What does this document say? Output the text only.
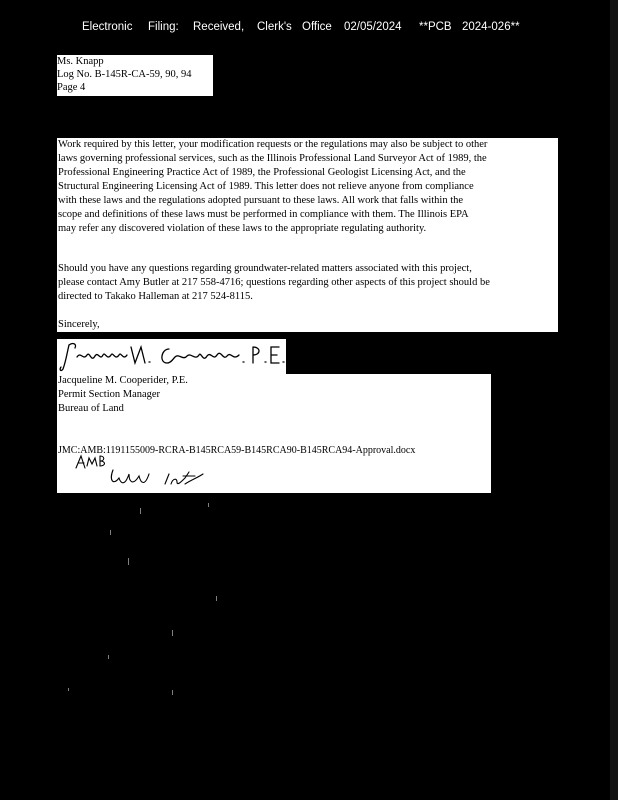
Electronic Filing: Received, Clerk's Office 02/05/2024 **PCB 2024-026**
Ms. Knapp
Log No. B-145R-CA-59, 90, 94
Page 4
Work required by this letter, your modification requests or the regulations may also be subject to other
laws governing professional services, such as the Illinois Professional Land Surveyor Act of 1989, the
Professional Engineering Practice Act of 1989, the Professional Geologist Licensing Act, and the
Structural Engineering Licensing Act of 1989. This letter does not relieve anyone from compliance
with these laws and the regulations adopted pursuant to these laws. All work that falls within the
scope and definitions of these laws must be performed in compliance with them. The Illinois EPA
may refer any discovered violation of these laws to the appropriate regulating authority.
Should you have any questions regarding groundwater-related matters associated with this project,
please contact Amy Butler at 217 558-4716; questions regarding other aspects of this project should be
directed to Takako Halleman at 217 524-8115.
Sincerely,
Jacqueline M. Cooperider, P.E.
Permit Section Manager
Bureau of Land
JMC:AMB:1191155009-RCRA-B145RCA59-B145RCA90-B145RCA94-Approval.docx
